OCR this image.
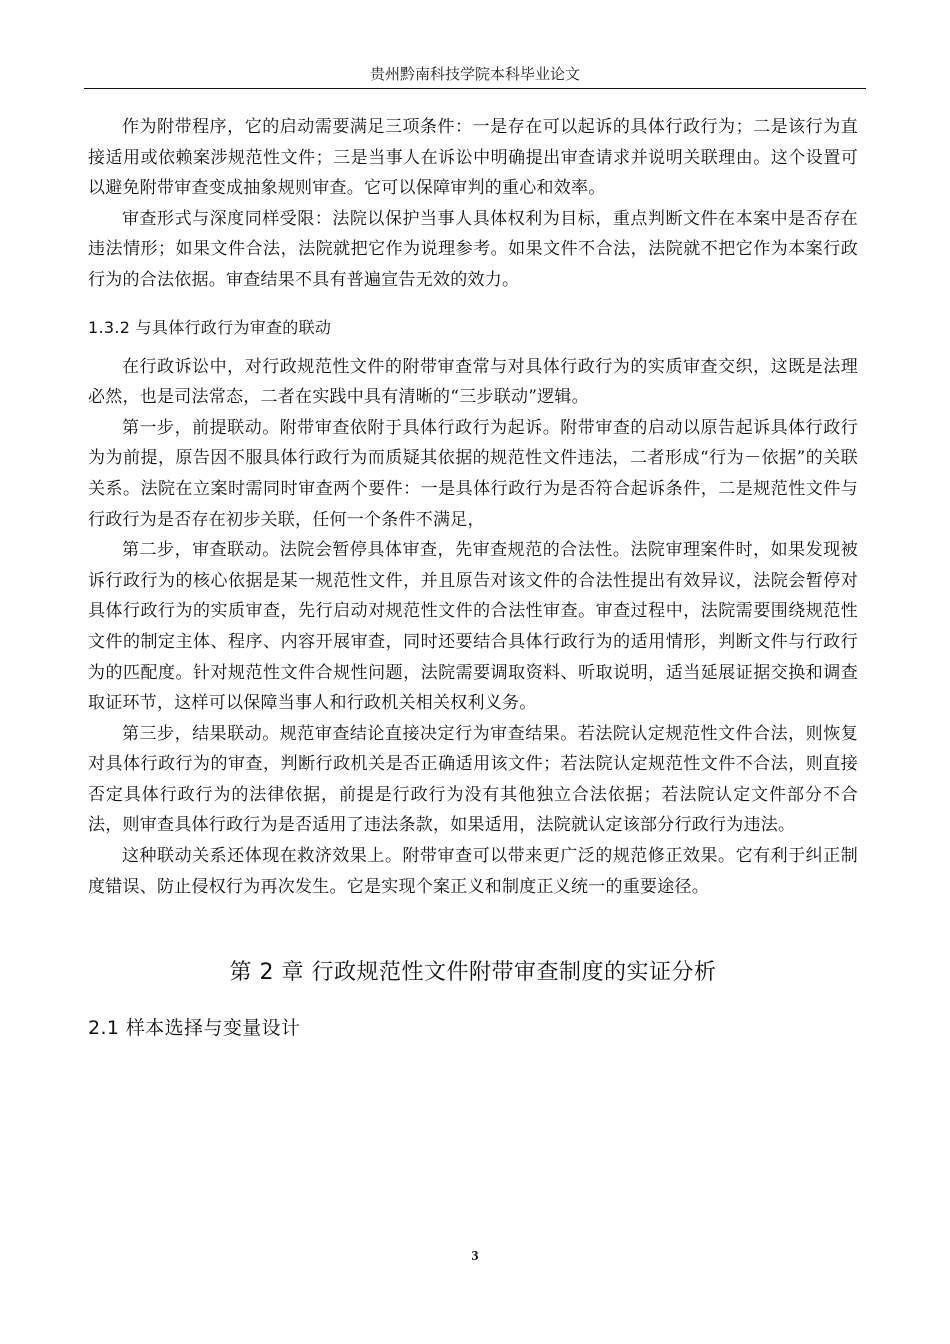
贵州黔南科技学院本科毕业论文

作为附带程序，它的启动需要满足三项条件：一是存在可以起诉的具体行政行为；二是该行为直接适用或依赖案涉规范性文件；三是当事人在诉讼中明确提出审查请求并说明关联理由。这个设置可以避免附带审查变成抽象规则审查。它可以保障审判的重心和效率。

审查形式与深度同样受限：法院以保护当事人具体权利为目标，重点判断文件在本案中是否存在违法情形；如果文件合法，法院就把它作为说理参考。如果文件不合法，法院就不把它作为本案行政行为的合法依据。审查结果不具有普遍宣告无效的效力。

1.3.2 与具体行政行为审查的联动

在行政诉讼中，对行政规范性文件的附带审查常与对具体行政行为的实质审查交织，这既是法理必然，也是司法常态，二者在实践中具有清晰的“三步联动”逻辑。

第一步，前提联动。附带审查依附于具体行政行为起诉。附带审查的启动以原告起诉具体行政行为为前提，原告因不服具体行政行为而质疑其依据的规范性文件违法，二者形成“行为－依据”的关联关系。法院在立案时需同时审查两个要件：一是具体行政行为是否符合起诉条件，二是规范性文件与行政行为是否存在初步关联，任何一个条件不满足，

第二步，审查联动。法院会暂停具体审查，先审查规范的合法性。法院审理案件时，如果发现被诉行政行为的核心依据是某一规范性文件，并且原告对该文件的合法性提出有效异议，法院会暂停对具体行政行为的实质审查，先行启动对规范性文件的合法性审查。审查过程中，法院需要围绕规范性文件的制定主体、程序、内容开展审查，同时还要结合具体行政行为的适用情形，判断文件与行政行为的匹配度。针对规范性文件合规性问题，法院需要调取资料、听取说明，适当延展证据交换和调查取证环节，这样可以保障当事人和行政机关相关权利义务。

第三步，结果联动。规范审查结论直接决定行为审查结果。若法院认定规范性文件合法，则恢复对具体行政行为的审查，判断行政机关是否正确适用该文件；若法院认定规范性文件不合法，则直接否定具体行政行为的法律依据，前提是行政行为没有其他独立合法依据；若法院认定文件部分不合法，则审查具体行政行为是否适用了违法条款，如果适用，法院就认定该部分行政行为违法。

这种联动关系还体现在救济效果上。附带审查可以带来更广泛的规范修正效果。它有利于纠正制度错误、防止侵权行为再次发生。它是实现个案正义和制度正义统一的重要途径。

第 2 章 行政规范性文件附带审查制度的实证分析
2.1 样本选择与变量设计
3
